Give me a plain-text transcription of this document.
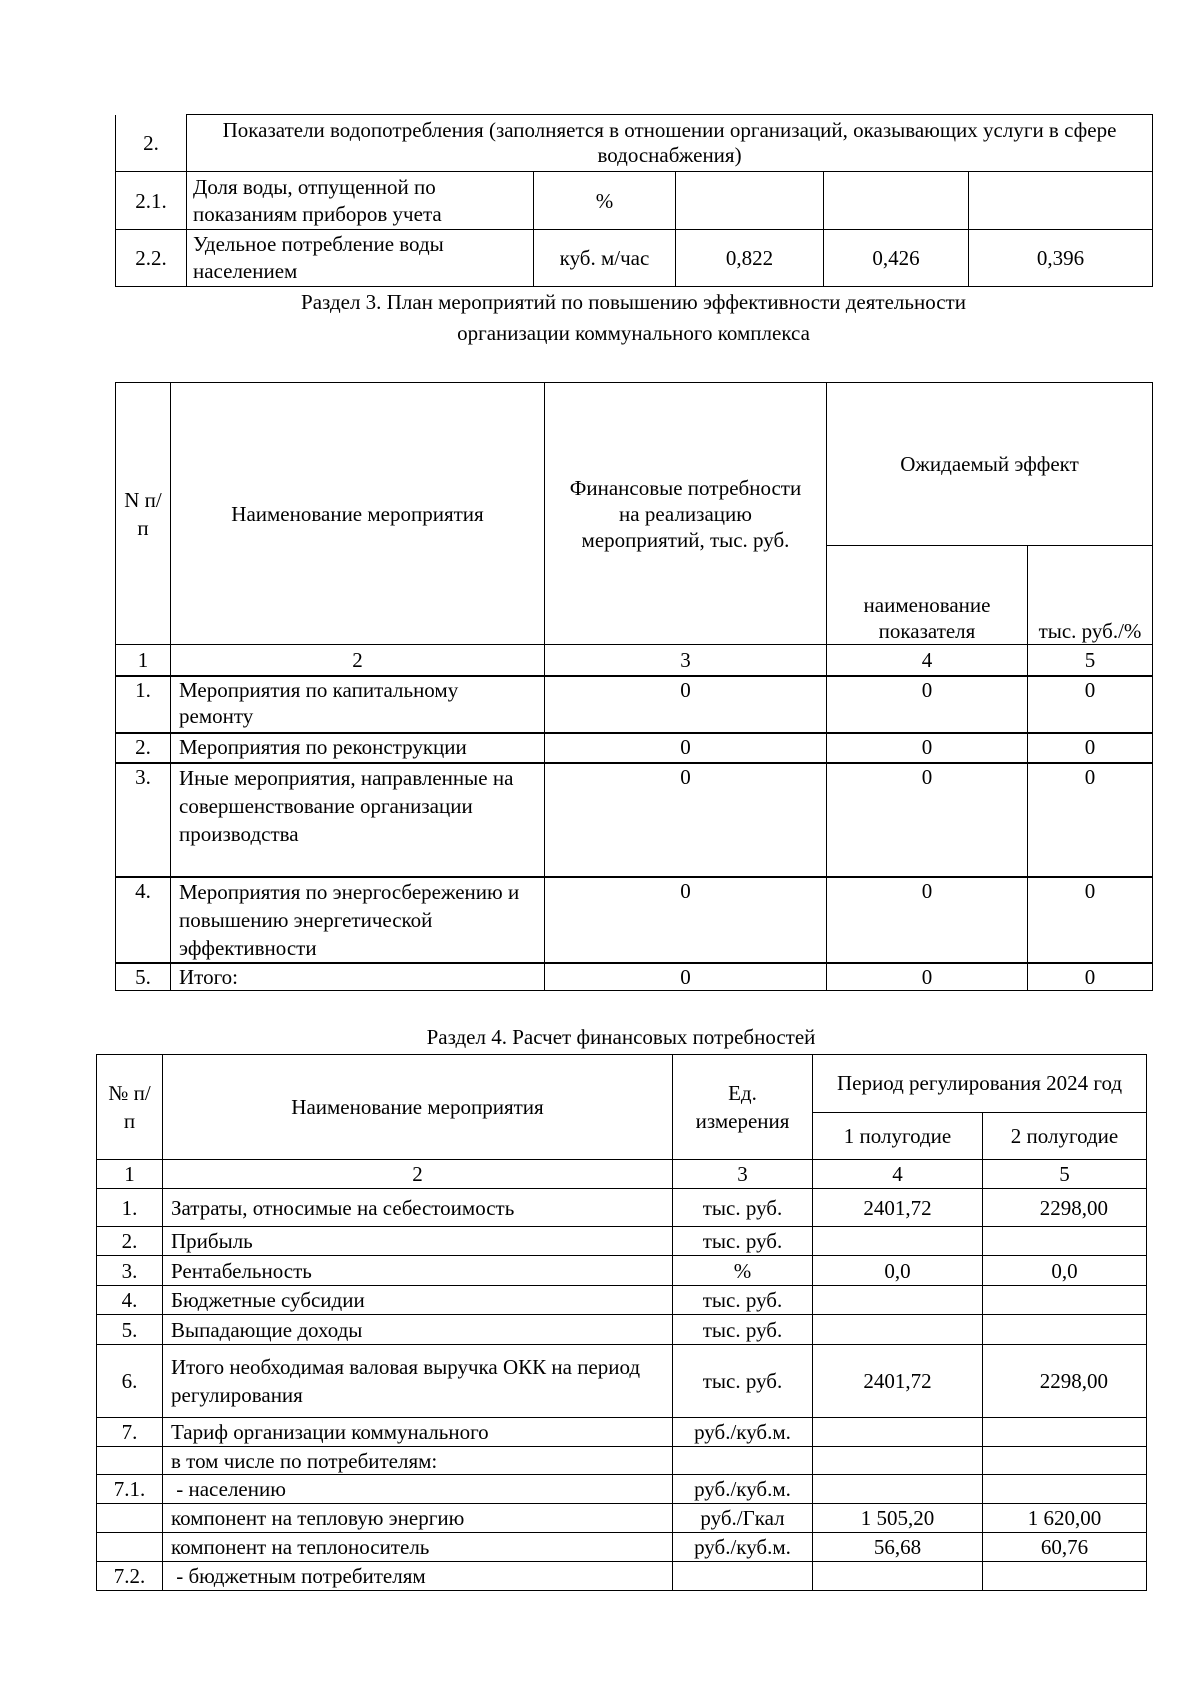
2.	Показатели водопотребления (заполняется в отношении организаций, оказывающих услуги в сфере водоснабжения)				
2.1.	Доля воды, отпущенной по показаниям приборов учета	%			
2.2.	Удельное потребление воды населением	куб. м/час	0,822	0,426	0,396
Раздел 3. План мероприятий по повышению эффективности деятельности
организации коммунального комплекса
N п/ п	Наименование мероприятия	Финансовые потребности на реализацию мероприятий, тыс. руб.	Ожидаемый эффект	
			наименование показателя	тыс. руб./%
1	2	3	4	5
1.	Мероприятия по капитальному ремонту	0	0	0
2.	Мероприятия по реконструкции	0	0	0
3.	Иные мероприятия, направленные на совершенствование организации производства	0	0	0
4.	Мероприятия по энергосбережению и повышению энергетической эффективности	0	0	0
5.	Итого:	0	0	0
Раздел 4. Расчет финансовых потребностей
№ п/п	Наименование мероприятия	Ед. измерения	Период регулирования 2024 год	
			1 полугодие	2 полугодие
1	2	3	4	5
1.	Затраты, относимые на себестоимость	тыс. руб.	2401,72	2298,00
2.	Прибыль	тыс. руб.		
3.	Рентабельность	%	0,0	0,0
4.	Бюджетные субсидии	тыс. руб.		
5.	Выпадающие доходы	тыс. руб.		
6.	Итого необходимая валовая выручка ОКК на период регулирования	тыс. руб.	2401,72	2298,00
7.	Тариф организации коммунального	руб./куб.м.		
	в том числе по потребителям:			
7.1.	- населению	руб./куб.м.		
	компонент на тепловую энергию	руб./Гкал	1 505,20	1 620,00
	компонент на теплоноситель	руб./куб.м.	56,68	60,76
7.2.	- бюджетным потребителям			
